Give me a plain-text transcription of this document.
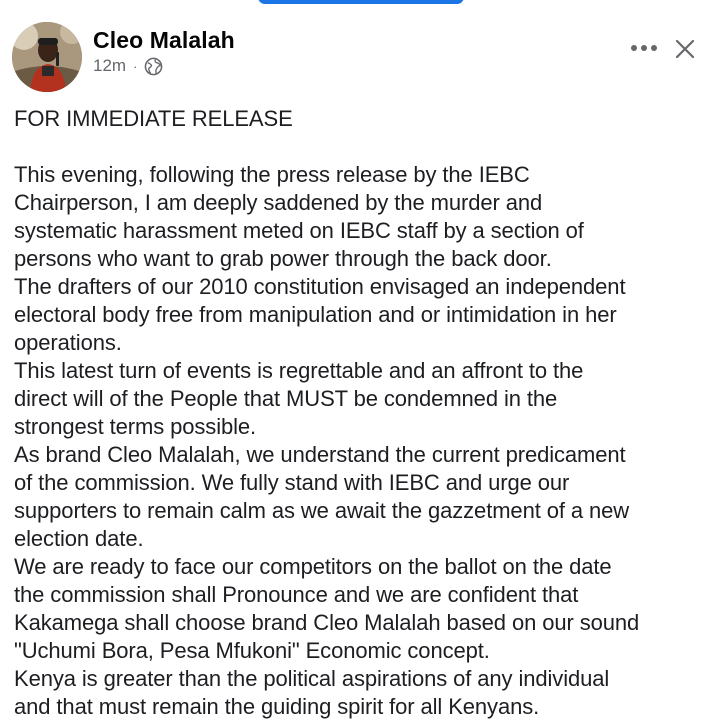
Cleo Malalah
12m ·

FOR IMMEDIATE RELEASE

This evening, following the press release by the IEBC

Chairperson, I am deeply saddened by the murder and

systematic harassment meted on IEBC staff by a section of

persons who want to grab power through the back door.

The drafters of our 2010 constitution envisaged an independent

electoral body free from manipulation and or intimidation in her

operations.

This latest turn of events is regrettable and an affront to the

direct will of the People that MUST be condemned in the

strongest terms possible.

As brand Cleo Malalah, we understand the current predicament

of the commission. We fully stand with IEBC and urge our

supporters to remain calm as we await the gazzetment of a new

election date.

We are ready to face our competitors on the ballot on the date

the commission shall Pronounce and we are confident that

Kakamega shall choose brand Cleo Malalah based on our sound

"Uchumi Bora, Pesa Mfukoni" Economic concept.

Kenya is greater than the political aspirations of any individual

and that must remain the guiding spirit for all Kenyans.
